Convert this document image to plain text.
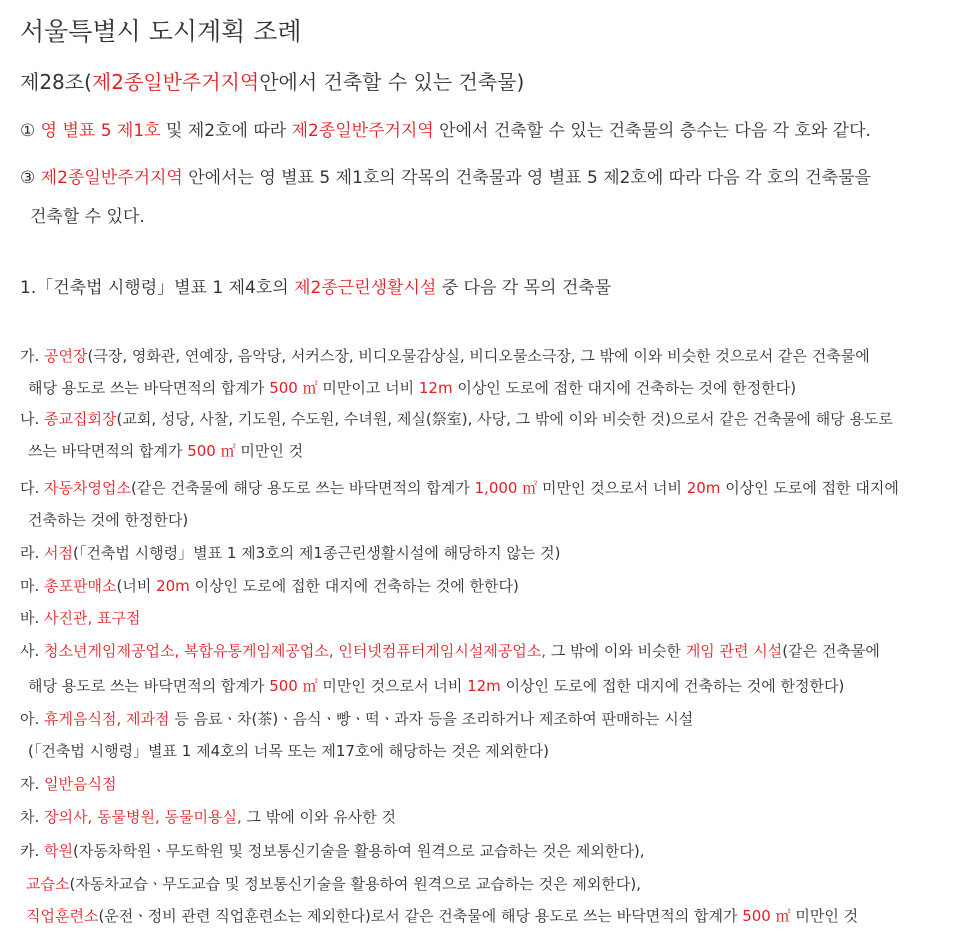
서울특별시 도시계획 조례
제28조(제2종일반주거지역안에서 건축할 수 있는 건축물)
① 영 별표 5 제1호 및 제2호에 따라 제2종일반주거지역 안에서 건축할 수 있는 건축물의 층수는 다음 각 호와 같다.
③ 제2종일반주거지역 안에서는 영 별표 5 제1호의 각목의 건축물과 영 별표 5 제2호에 따라 다음 각 호의 건축물을
건축할 수 있다.
1.「건축법 시행령」별표 1 제4호의 제2종근린생활시설 중 다음 각 목의 건축물
가. 공연장(극장, 영화관, 연예장, 음악당, 서커스장, 비디오물감상실, 비디오물소극장, 그 밖에 이와 비슷한 것으로서 같은 건축물에
해당 용도로 쓰는 바닥면적의 합계가 500 ㎡ 미만이고 너비 12m 이상인 도로에 접한 대지에 건축하는 것에 한정한다)
나. 종교집회장(교회, 성당, 사찰, 기도원, 수도원, 수녀원, 제실(祭室), 사당, 그 밖에 이와 비슷한 것)으로서 같은 건축물에 해당 용도로
쓰는 바닥면적의 합계가 500 ㎡ 미만인 것
다. 자동차영업소(같은 건축물에 해당 용도로 쓰는 바닥면적의 합계가 1,000 ㎡ 미만인 것으로서 너비 20m 이상인 도로에 접한 대지에
건축하는 것에 한정한다)
라. 서점(「건축법 시행령」별표 1 제3호의 제1종근린생활시설에 해당하지 않는 것)
마. 총포판매소(너비 20m 이상인 도로에 접한 대지에 건축하는 것에 한한다)
바. 사진관, 표구점
사. 청소년게임제공업소, 복합유통게임제공업소, 인터넷컴퓨터게임시설제공업소, 그 밖에 이와 비슷한 게임 관련 시설(같은 건축물에
해당 용도로 쓰는 바닥면적의 합계가 500 ㎡ 미만인 것으로서 너비 12m 이상인 도로에 접한 대지에 건축하는 것에 한정한다)
아. 휴게음식점, 제과점 등 음료ㆍ차(茶)ㆍ음식ㆍ빵ㆍ떡ㆍ과자 등을 조리하거나 제조하여 판매하는 시설
(「건축법 시행령」별표 1 제4호의 너목 또는 제17호에 해당하는 것은 제외한다)
자. 일반음식점
차. 장의사, 동물병원, 동물미용실, 그 밖에 이와 유사한 것
카. 학원(자동차학원ㆍ무도학원 및 정보통신기술을 활용하여 원격으로 교습하는 것은 제외한다),
교습소(자동차교습ㆍ무도교습 및 정보통신기술을 활용하여 원격으로 교습하는 것은 제외한다),
직업훈련소(운전ㆍ정비 관련 직업훈련소는 제외한다)로서 같은 건축물에 해당 용도로 쓰는 바닥면적의 합계가 500 ㎡ 미만인 것
